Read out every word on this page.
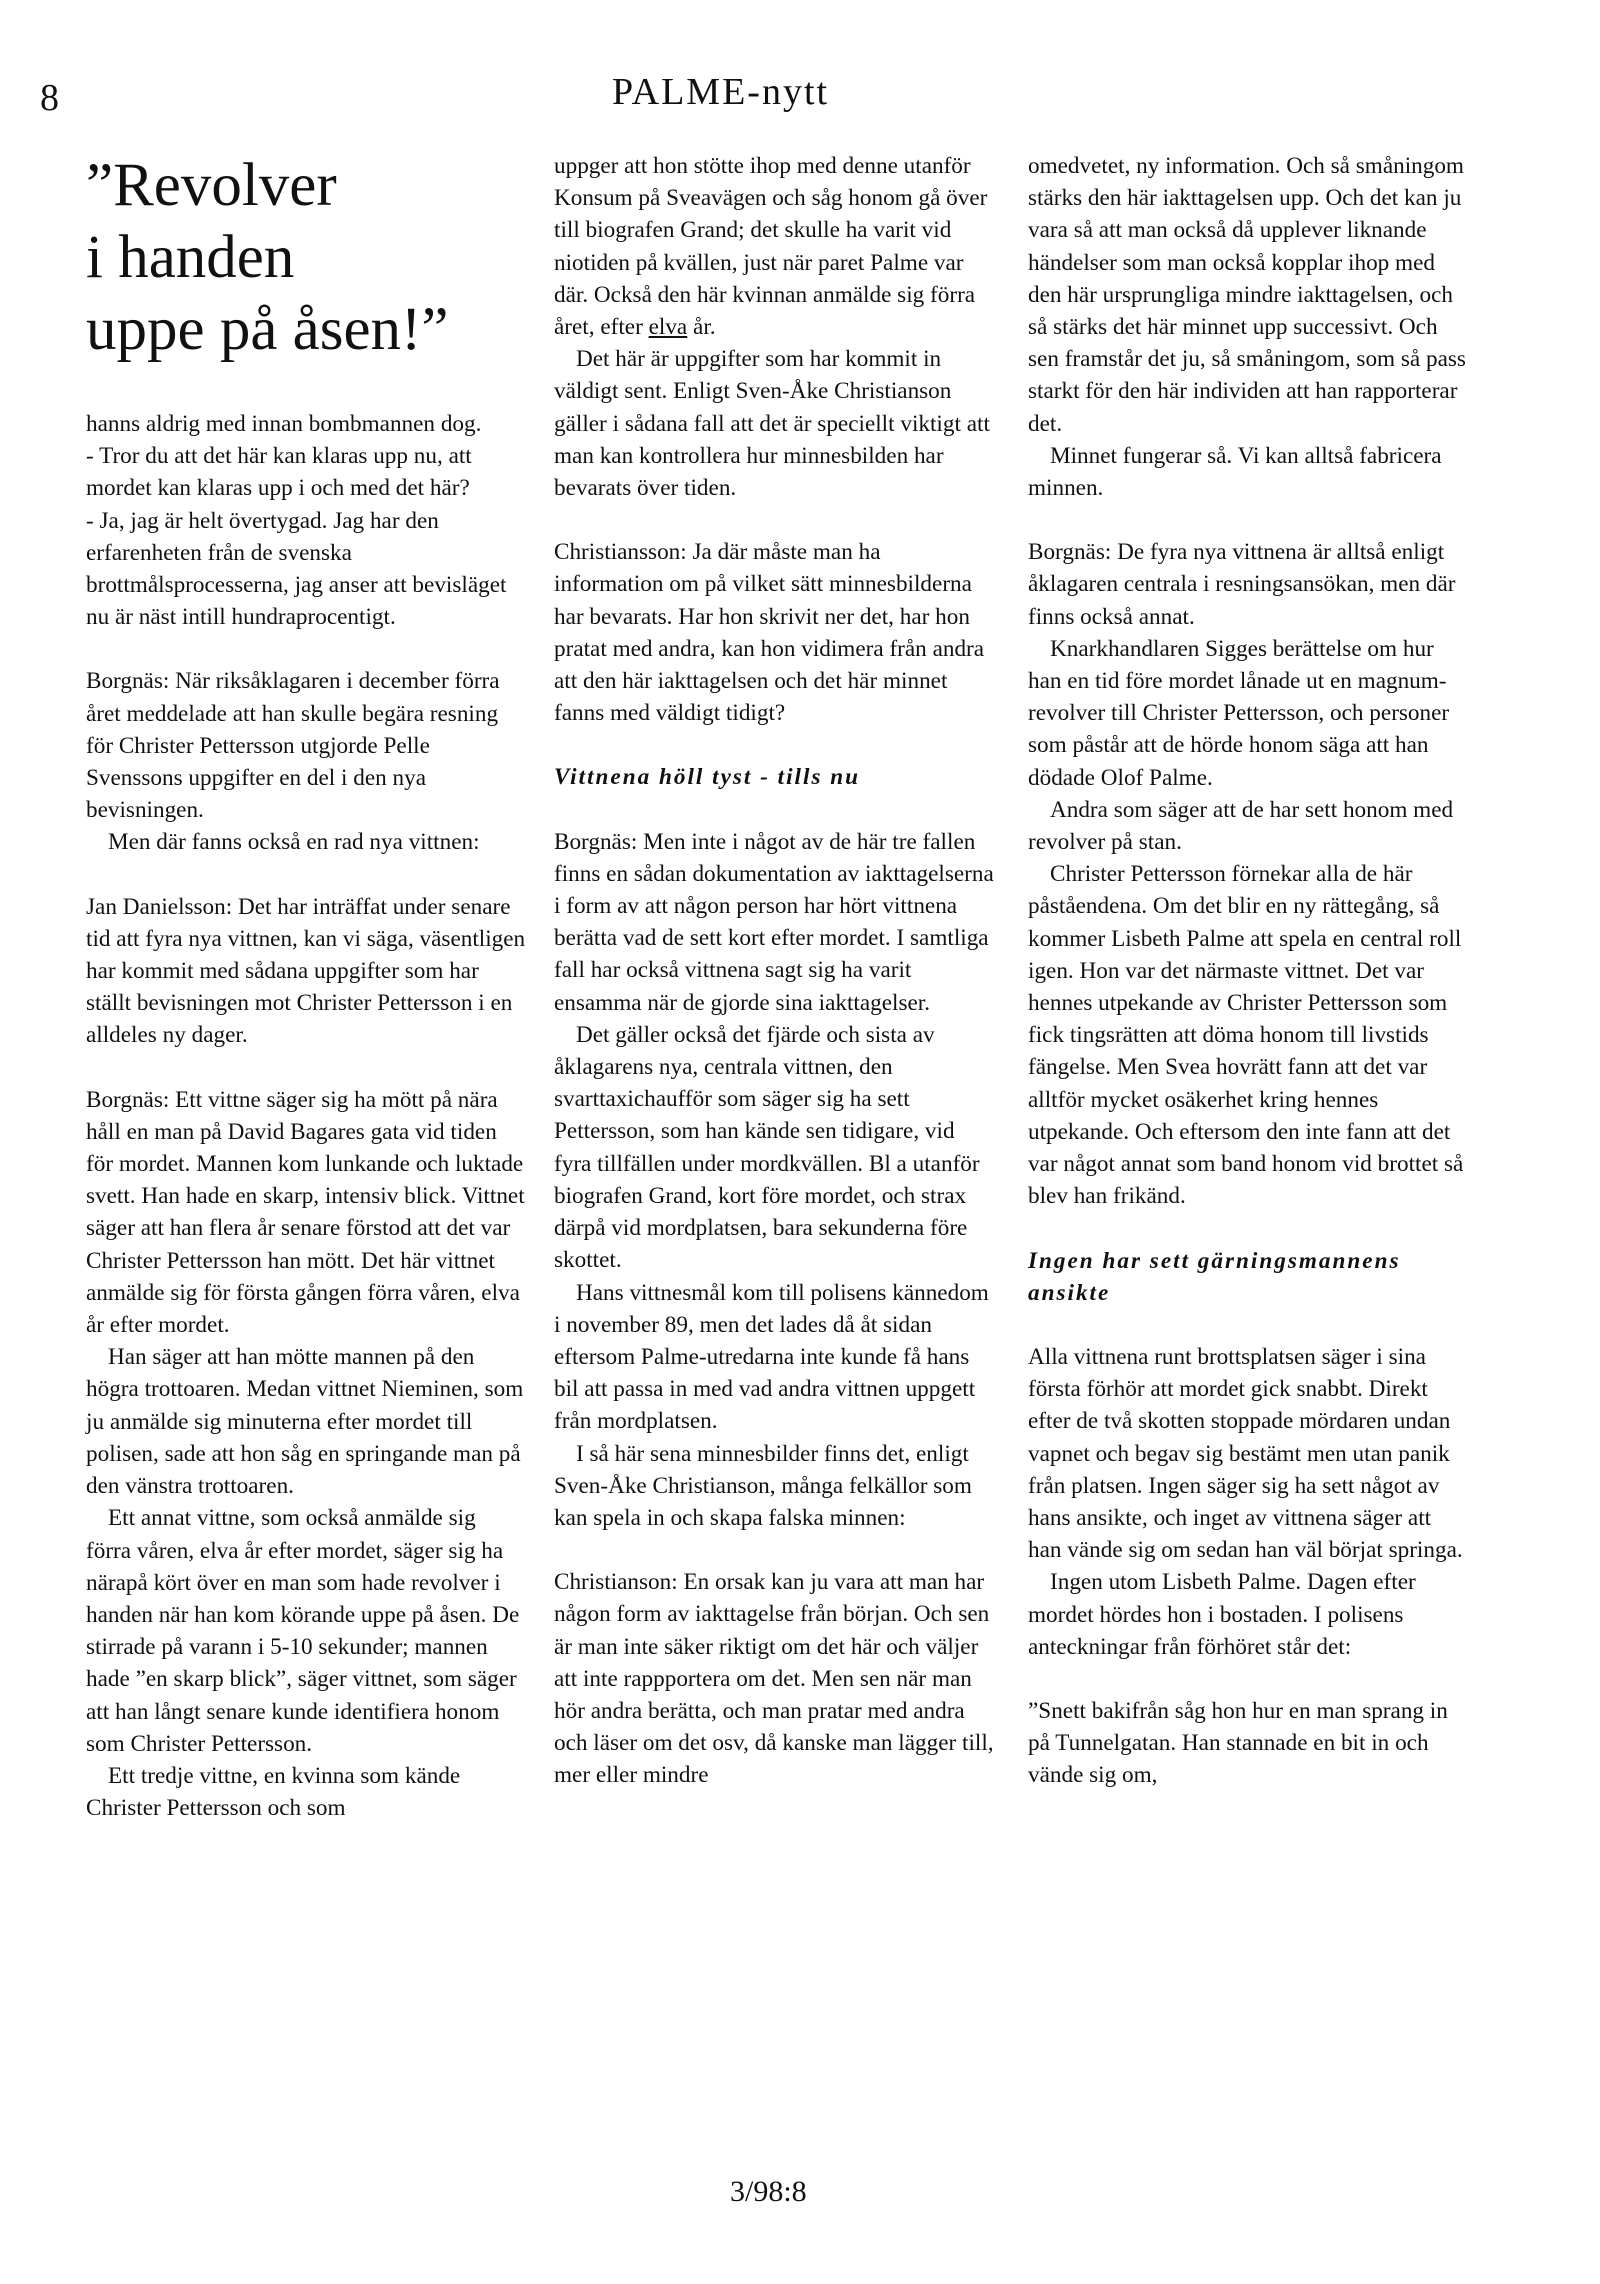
8	PALME-nytt
”Revolver
i handen
uppe på åsen!”

hanns aldrig med innan bombmannen dog.

- Tror du att det här kan klaras upp nu, att mordet kan klaras upp i och med det här?

- Ja, jag är helt övertygad. Jag har den erfarenheten från de svenska brottmålsprocesserna, jag anser att bevisläget nu är näst intill hundraprocentigt.

Borgnäs: När riksåklagaren i december förra året meddelade att han skulle begära resning för Christer Pettersson utgjorde Pelle Svenssons uppgifter en del i den nya bevisningen.

Men där fanns också en rad nya vittnen:

Jan Danielsson: Det har inträffat under senare tid att fyra nya vittnen, kan vi säga, väsentligen har kommit med sådana uppgifter som har ställt bevisningen mot Christer Pettersson i en alldeles ny dager.

Borgnäs: Ett vittne säger sig ha mött på nära håll en man på David Bagares gata vid tiden för mordet. Mannen kom lunkande och luktade svett. Han hade en skarp, intensiv blick. Vittnet säger att han flera år senare förstod att det var Christer Pettersson han mött. Det här vittnet anmälde sig för första gången förra våren, elva år efter mordet.

Han säger att han mötte mannen på den högra trottoaren. Medan vittnet Nieminen, som ju anmälde sig minuterna efter mordet till polisen, sade att hon såg en springande man på den vänstra trottoaren.

Ett annat vittne, som också anmälde sig förra våren, elva år efter mordet, säger sig ha närapå kört över en man som hade revolver i handen när han kom körande uppe på åsen. De stirrade på varann i 5-10 sekunder; mannen hade ”en skarp blick”, säger vittnet, som säger att han långt senare kunde identifiera honom som Christer Pettersson.

Ett tredje vittne, en kvinna som kände Christer Pettersson och som

uppger att hon stötte ihop med denne utanför Konsum på Sveavägen och såg honom gå över till biografen Grand; det skulle ha varit vid niotiden på kvällen, just när paret Palme var där. Också den här kvinnan anmälde sig förra året, efter elva år.

Det här är uppgifter som har kommit in väldigt sent. Enligt Sven-Åke Christianson gäller i sådana fall att det är speciellt viktigt att man kan kontrollera hur minnesbilden har bevarats över tiden.

Christiansson: Ja där måste man ha information om på vilket sätt minnesbilderna har bevarats. Har hon skrivit ner det, har hon pratat med andra, kan hon vidimera från andra att den här iakttagelsen och det här minnet fanns med väldigt tidigt?

Vittnena höll tyst - tills nu

Borgnäs: Men inte i något av de här tre fallen finns en sådan dokumentation av iakttagelserna i form av att någon person har hört vittnena berätta vad de sett kort efter mordet. I samtliga fall har också vittnena sagt sig ha varit ensamma när de gjorde sina iakttagelser.

Det gäller också det fjärde och sista av åklagarens nya, centrala vittnen, den svarttaxichaufför som säger sig ha sett Pettersson, som han kände sen tidigare, vid fyra tillfällen under mordkvällen. Bl a utanför biografen Grand, kort före mordet, och strax därpå vid mordplatsen, bara sekunderna före skottet.

Hans vittnesmål kom till polisens kännedom i november 89, men det lades då åt sidan eftersom Palme-utredarna inte kunde få hans bil att passa in med vad andra vittnen uppgett från mordplatsen.

I så här sena minnesbilder finns det, enligt Sven-Åke Christianson, många felkällor som kan spela in och skapa falska minnen:

Christianson: En orsak kan ju vara att man har någon form av iakttagelse från början. Och sen är man inte säker riktigt om det här och väljer att inte rappportera om det. Men sen när man hör andra berätta, och man pratar med andra och läser om det osv, då kanske man lägger till, mer eller mindre

omedvetet, ny information. Och så småningom stärks den här iakttagelsen upp. Och det kan ju vara så att man också då upplever liknande händelser som man också kopplar ihop med den här ursprungliga mindre iakttagelsen, och så stärks det här minnet upp successivt. Och sen framstår det ju, så småningom, som så pass starkt för den här individen att han rapporterar det.

Minnet fungerar så. Vi kan alltså fabricera minnen.

Borgnäs: De fyra nya vittnena är alltså enligt åklagaren centrala i resningsansökan, men där finns också annat.

Knarkhandlaren Sigges berättelse om hur han en tid före mordet lånade ut en magnum-revolver till Christer Pettersson, och personer som påstår att de hörde honom säga att han dödade Olof Palme.

Andra som säger att de har sett honom med revolver på stan.

Christer Pettersson förnekar alla de här påståendena. Om det blir en ny rättegång, så kommer Lisbeth Palme att spela en central roll igen. Hon var det närmaste vittnet. Det var hennes utpekande av Christer Pettersson som fick tingsrätten att döma honom till livstids fängelse. Men Svea hovrätt fann att det var alltför mycket osäkerhet kring hennes utpekande. Och eftersom den inte fann att det var något annat som band honom vid brottet så blev han frikänd.

Ingen har sett gärningsmannens ansikte

Alla vittnena runt brottsplatsen säger i sina första förhör att mordet gick snabbt. Direkt efter de två skotten stoppade mördaren undan vapnet och begav sig bestämt men utan panik från platsen. Ingen säger sig ha sett något av hans ansikte, och inget av vittnena säger att han vände sig om sedan han väl börjat springa.

Ingen utom Lisbeth Palme. Dagen efter mordet hördes hon i bostaden. I polisens anteckningar från förhöret står det:

”Snett bakifrån såg hon hur en man sprang in på Tunnelgatan. Han stannade en bit in och vände sig om,

3/98:8
